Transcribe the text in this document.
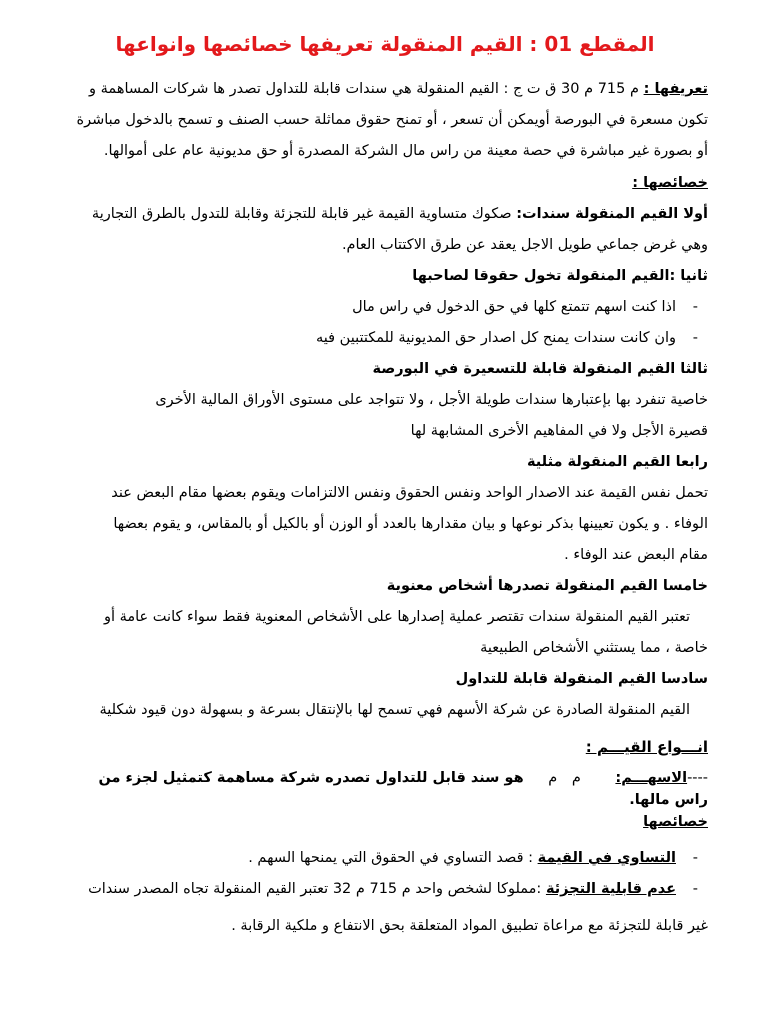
المقطع 01 : القيم المنقولة تعريفها خصائصها وانواعها

تعريفها : م 715 م 30 ق ت ج : القيم المنقولة هي سندات قابلة للتداول تصدر ها شركات المساهمة و

تكون مسعرة في البورصة أويمكن أن تسعر ، أو تمنح حقوق مماثلة حسب الصنف و تسمح بالدخول مباشرة

أو بصورة غير مباشرة في حصة معينة من راس مال الشركة المصدرة أو حق مديونية عام على أموالها.

خصائصها :

أولا القيم المنقولة سندات: صكوك متساوية القيمة غير قابلة للتجزئة وقابلة للتدول بالطرق التجارية

وهي غرض جماعي طويل الاجل يعقد عن طرق الاكتتاب العام.

ثانيا :القيم المنقولة تخول حقوقا لصاحبها
- اذا كنت اسهم تتمتع كلها في حق الدخول في راس مال
- وان كانت سندات يمنح كل اصدار حق المديونية للمكتتبين فيه
ثالثا القيم المنقولة قابلة للتسعيرة في البورصة

خاصية تنفرد بها بإعتبارها سندات طويلة الأجل ، ولا تتواجد على مستوى الأوراق المالية الأخرى

قصيرة الأجل ولا في المفاهيم الأخرى المشابهة لها

رابعا القيم المنقولة مثلية

تحمل نفس القيمة عند الاصدار الواحد ونفس الحقوق ونفس الالتزامات ويقوم بعضها مقام البعض عند

الوفاء . و يكون تعيينها بذكر نوعها و بيان مقدارها بالعدد أو الوزن أو بالكيل أو بالمقاس، و يقوم بعضها

مقام البعض عند الوفاء .

خامسا القيم المنقولة تصدرها أشخاص معنوية

تعتبر القيم المنقولة سندات تقتصر عملية إصدارها على الأشخاص المعنوية فقط سواء كانت عامة أو

خاصة ، مما يستثني الأشخاص الطبيعية

سادسا القيم المنقولة قابلة للتداول

القيم المنقولة الصادرة عن شركة الأسهم فهي تسمح لها بالإنتقال بسرعة و بسهولة دون قيود شكلية

انـــواع القيـــم :
----الاسهـــم: م م هو سند قابل للتداول تصدره شركة مساهمة كتمثيل لجزء من راس مالها.
خصائصها
- التساوي في القيمة : قصد التساوي في الحقوق التي يمنحها السهم .
- عدم قابلية التجزئة :مملوكا لشخص واحد م 715 م 32 تعتبر القيم المنقولة تجاه المصدر سندات

غير قابلة للتجزئة مع مراعاة تطبيق المواد المتعلقة بحق الانتفاع و ملكية الرقابة .
